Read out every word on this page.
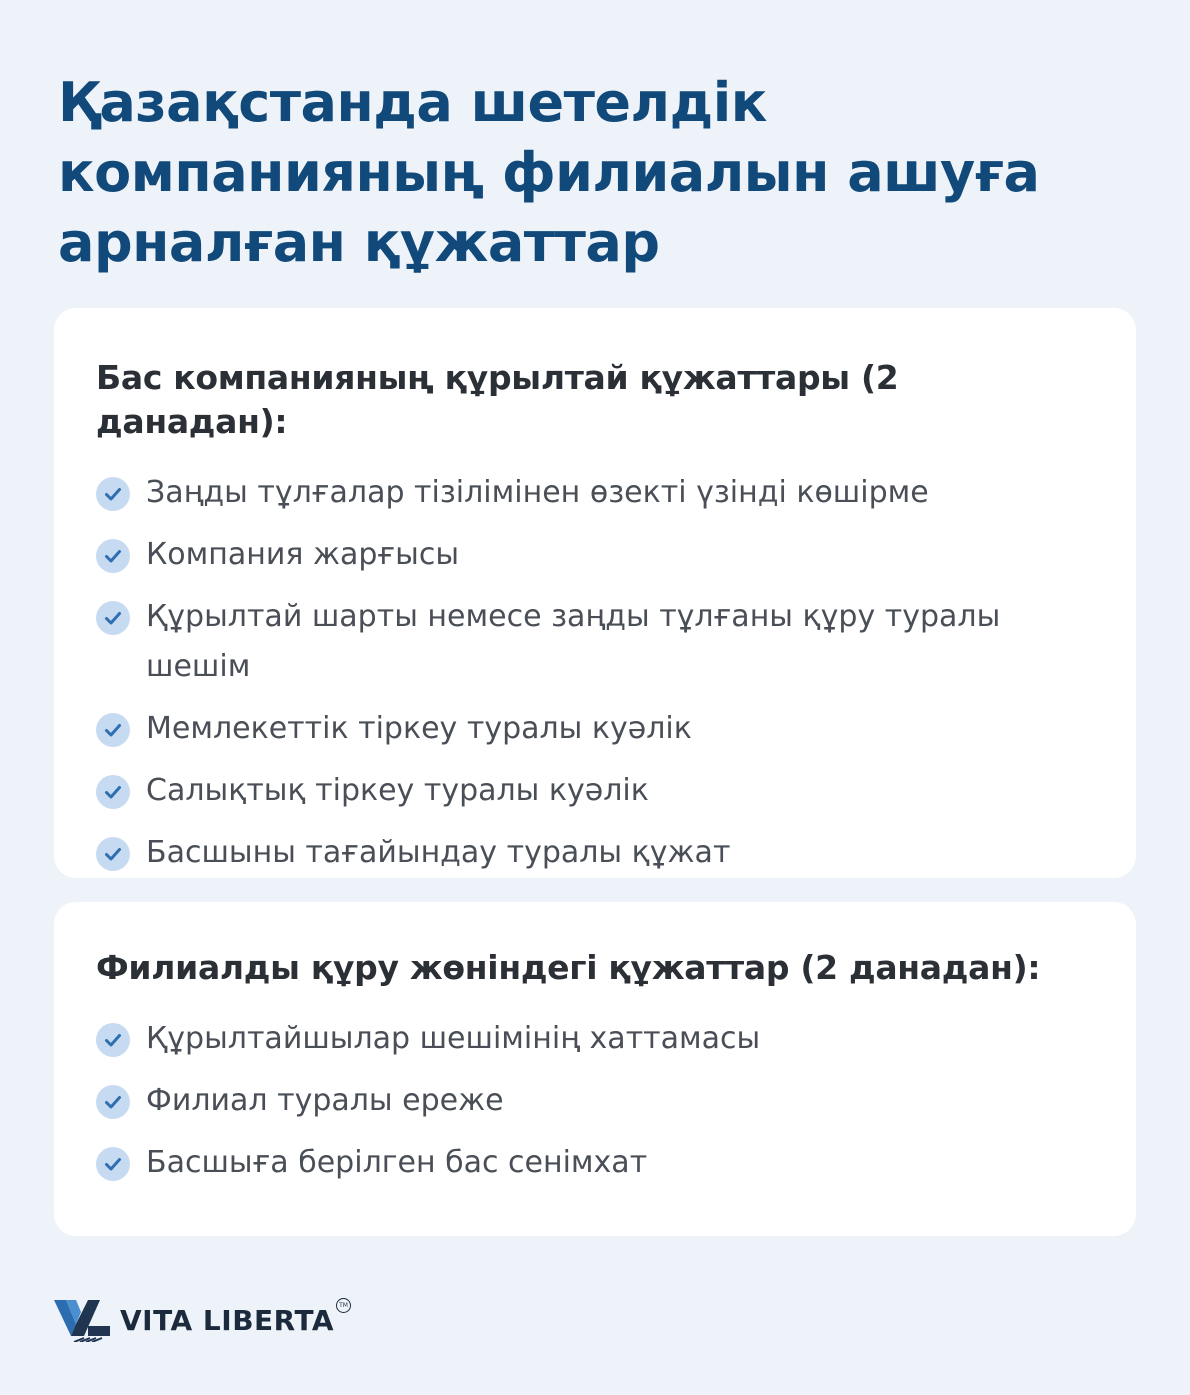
Қазақстанда шетелдік компанияның филиалын ашуға арналған құжаттар
Бас компанияның құрылтай құжаттары (2 данадан):
Заңды тұлғалар тізілімінен өзекті үзінді көшірме
Компания жарғысы
Құрылтай шарты немесе заңды тұлғаны құру туралы шешім
Мемлекеттік тіркеу туралы куәлік
Салықтық тіркеу туралы куәлік
Басшыны тағайындау туралы құжат
Филиалды құру жөніндегі құжаттар (2 данадан):
Құрылтайшылар шешімінің хаттамасы
Филиал туралы ереже
Басшыға берілген бас сенімхат
VITA LIBERTA TM
